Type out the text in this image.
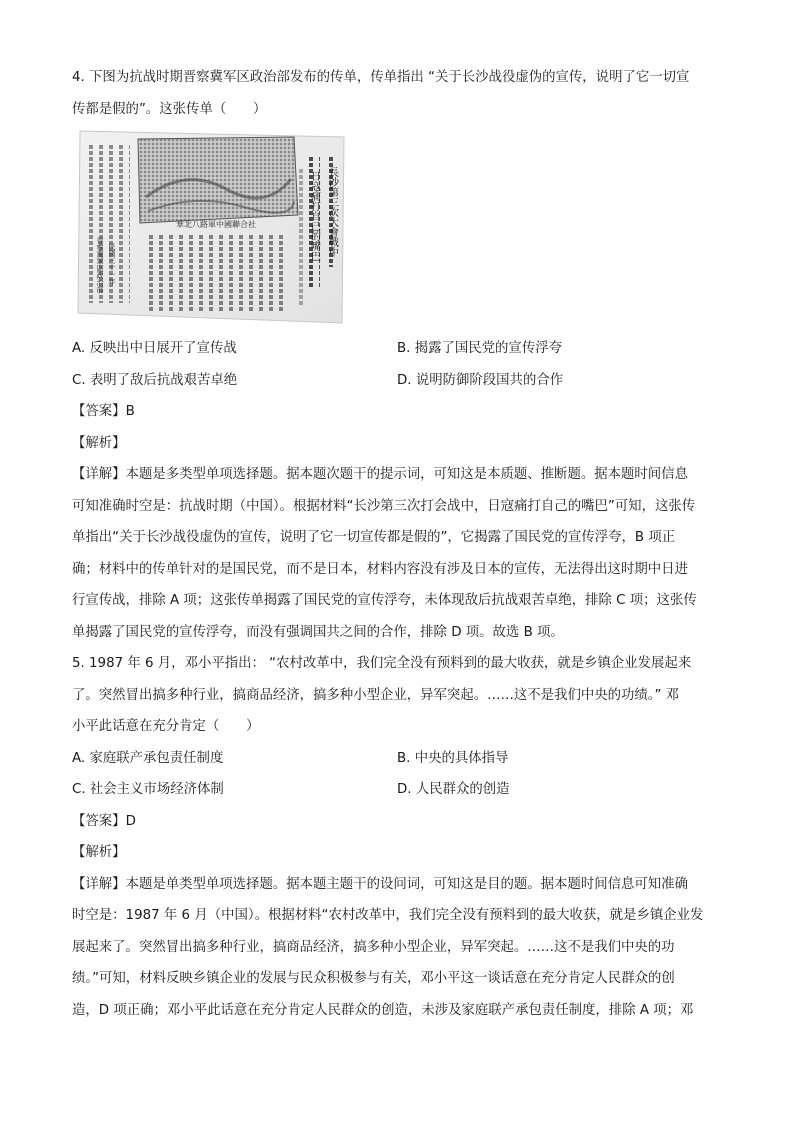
4. 下图为抗战时期晋察冀军区政治部发布的传单，传单指出 “关于长沙战役虚伪的宣传，说明了它一切宣

传都是假的”。这张传单（　　）

長沙第三次大會戰中
日寇痛打自己的嘴巴
華北八路軍中國聯合社
晉察冀軍區政治部 民國三十一年
A. 反映出中日展开了宣传战	B. 揭露了国民党的宣传浮夸
C. 表明了敌后抗战艰苦卓绝	D. 说明防御阶段国共的合作

【答案】B

【解析】

【详解】本题是多类型单项选择题。据本题次题干的提示词，可知这是本质题、推断题。据本题时间信息

可知准确时空是：抗战时期（中国）。根据材料“长沙第三次打会战中，日寇痛打自己的嘴巴”可知，这张传

单指出“关于长沙战役虚伪的宣传，说明了它一切宣传都是假的”，它揭露了国民党的宣传浮夸，B 项正

确；材料中的传单针对的是国民党，而不是日本，材料内容没有涉及日本的宣传，无法得出这时期中日进

行宣传战，排除 A 项；这张传单揭露了国民党的宣传浮夸，未体现敌后抗战艰苦卓绝，排除 C 项；这张传

单揭露了国民党的宣传浮夸，而没有强调国共之间的合作，排除 D 项。故选 B 项。

5. 1987 年 6 月，邓小平指出： “农村改革中，我们完全没有预料到的最大收获，就是乡镇企业发展起来

了。突然冒出搞多种行业，搞商品经济，搞多种小型企业，异军突起。……这不是我们中央的功绩。” 邓

小平此话意在充分肯定（　　）

A. 家庭联产承包责任制度	B. 中央的具体指导
C. 社会主义市场经济体制	D. 人民群众的创造

【答案】D

【解析】

【详解】本题是单类型单项选择题。据本题主题干的设问词，可知这是目的题。据本题时间信息可知准确

时空是：1987 年 6 月（中国）。根据材料“农村改革中，我们完全没有预料到的最大收获，就是乡镇企业发

展起来了。突然冒出搞多种行业，搞商品经济，搞多种小型企业，异军突起。……这不是我们中央的功

绩。”可知，材料反映乡镇企业的发展与民众积极参与有关，邓小平这一谈话意在充分肯定人民群众的创

造，D 项正确；邓小平此话意在充分肯定人民群众的创造，未涉及家庭联产承包责任制度，排除 A 项；邓
